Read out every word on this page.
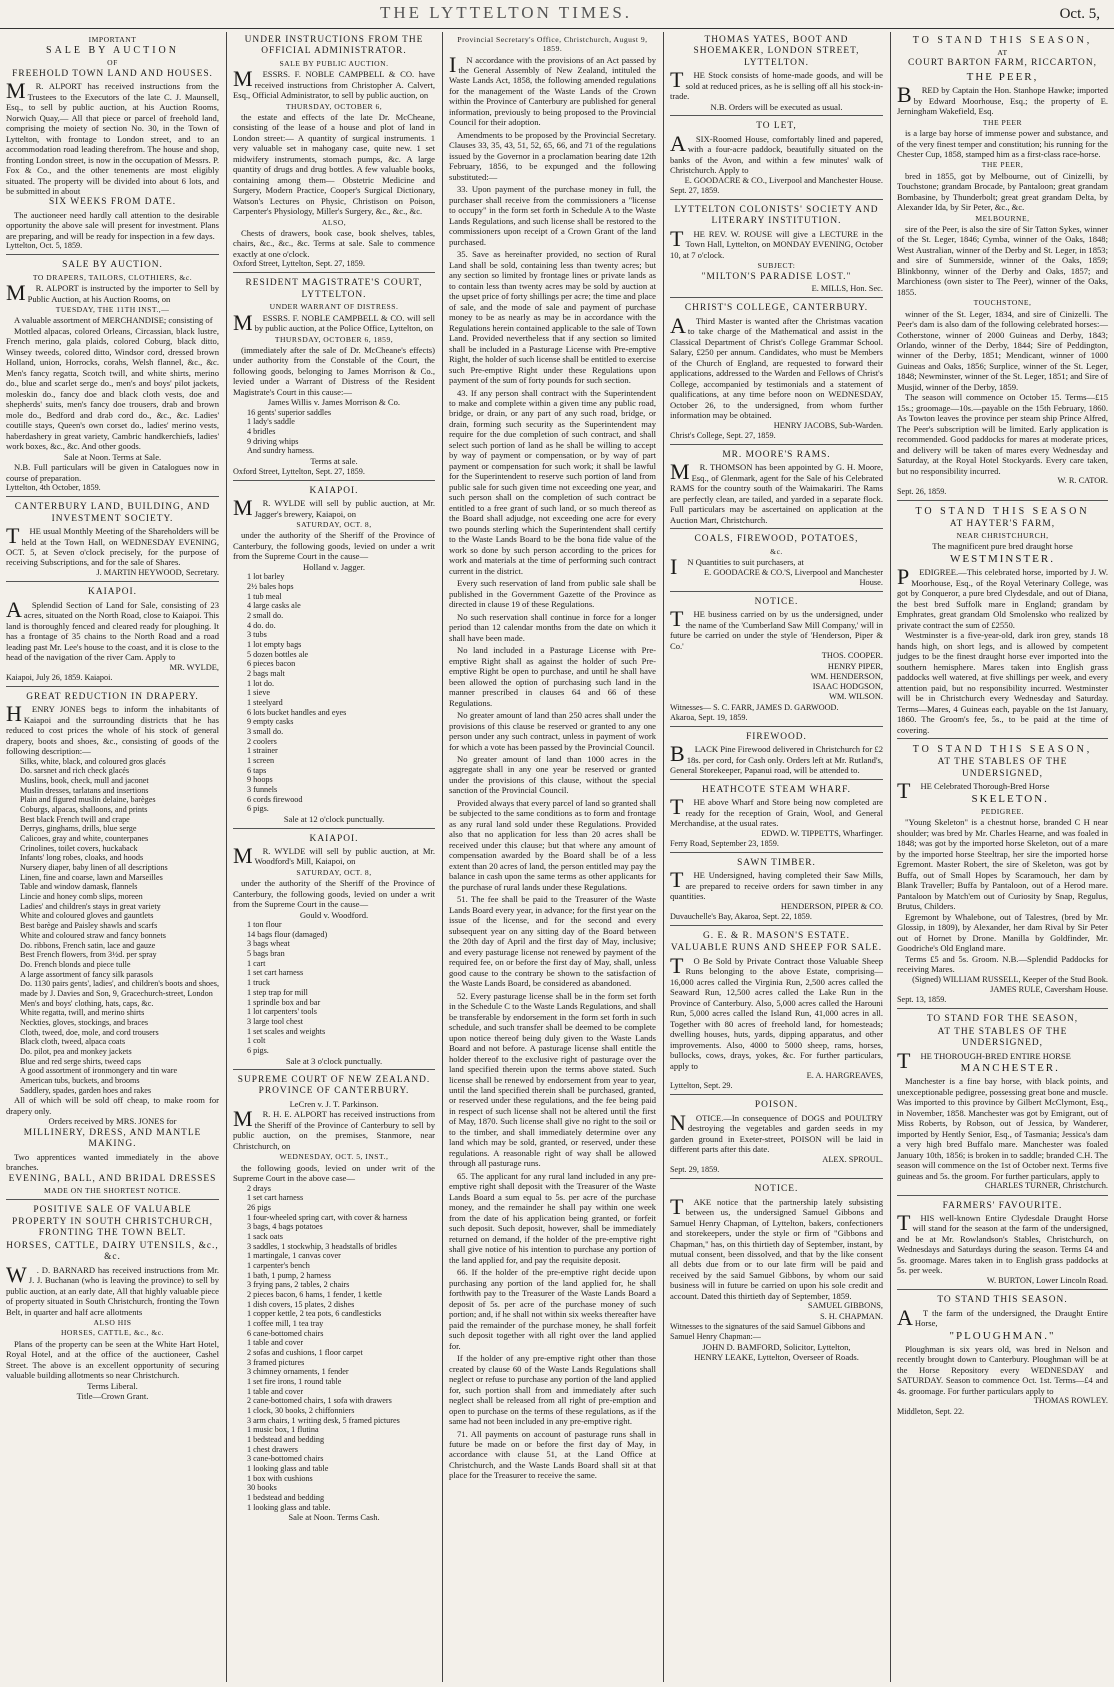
THE LYTTELTON TIMES.	Oct. 5,
IMPORTANT
SALE BY AUCTION
OF
FREEHOLD TOWN LAND AND HOUSES.

M R. ALPORT has received instructions from the Trustees to the Executors of the late C. J. Maunsell, Esq., to sell by public auction, at his Auction Rooms, Norwich Quay,— All that piece or parcel of freehold land, comprising the moiety of section No. 30, in the Town of Lyttelton, with frontage to London street, and to an accommodation road leading therefrom. The house and shop, fronting London street, is now in the occupation of Messrs. P. Fox & Co., and the other tenements are most eligibly situated. The property will be divided into about 6 lots, and be submitted in about

SIX WEEKS FROM DATE.

The auctioneer need hardly call attention to the desirable opportunity the above sale will present for investment. Plans are preparing, and will be ready for inspection in a few days.

Lyttelton, Oct. 5, 1859.
SALE BY AUCTION.
TO DRAPERS, TAILORS, CLOTHIERS, &c.

M R. ALPORT is instructed by the importer to Sell by Public Auction, at his Auction Rooms, on

TUESDAY, THE 11TH INST.,—

A valuable assortment of MERCHANDISE; consisting of

Mottled alpacas, colored Orleans, Circassian, black lustre, French merino, gala plaids, colored Coburg, black ditto, Winsey tweeds, colored ditto, Windsor cord, dressed brown Holland, union, Horrocks, corahs, Welsh flannel, &c., &c. Men's fancy regatta, Scotch twill, and white shirts, merino do., blue and scarlet serge do., men's and boys' pilot jackets, moleskin do., fancy doe and black cloth vests, doe and shepherds' suits, men's fancy doe trousers, drab and brown mole do., Bedford and drab cord do., &c., &c. Ladies' coutille stays, Queen's own corset do., ladies' merino vests, haberdashery in great variety, Cambric handkerchiefs, ladies' work boxes, &c., &c. And other goods.

Sale at Noon. Terms at Sale.

N.B. Full particulars will be given in Catalogues now in course of preparation.

Lyttelton, 4th October, 1859.
CANTERBURY LAND, BUILDING, AND INVESTMENT SOCIETY.

T HE usual Monthly Meeting of the Shareholders will be held at the Town Hall, on WEDNESDAY EVENING, OCT. 5, at Seven o'clock precisely, for the purpose of receiving Subscriptions, and for the sale of Shares.

J. MARTIN HEYWOOD, Secretary.
KAIAPOI.

A Splendid Section of Land for Sale, consisting of 23 acres, situated on the North Road, close to Kaiapoi. This land is thoroughly fenced and cleared ready for ploughing. It has a frontage of 35 chains to the North Road and a road leading past Mr. Lee's house to the coast, and it is close to the head of the navigation of the river Cam. Apply to

MR. WYLDE,
Kaiapoi, July 26, 1859. Kaiapoi.
GREAT REDUCTION IN DRAPERY.

H ENRY JONES begs to inform the inhabitants of Kaiapoi and the surrounding districts that he has reduced to cost prices the whole of his stock of general drapery, boots and shoes, &c., consisting of goods of the following description:—

Silks, white, black, and coloured gros glacés
Do. sarsnet and rich check glacés
Muslins, book, check, mull and jaconet
Muslin dresses, tarlatans and insertions
Plain and figured muslin delaine, barèges
Coburgs, alpacas, shalloons, and prints
Best black French twill and crape
Derrys, ginghams, drills, blue serge
Calicoes, gray and white, counterpanes
Crinolines, toilet covers, huckaback
Infants' long robes, cloaks, and hoods
Nursery diaper, baby linen of all descriptions
Linen, fine and coarse, lawn and Marseilles
Table and window damask, flannels
Lincie and honey comb slips, moreen
Ladies' and children's stays in great variety
White and coloured gloves and gauntlets
Best barège and Paisley shawls and scarfs
White and coloured straw and fancy bonnets
Do. ribbons, French satin, lace and gauze
Best French flowers, from 3½d. per spray
Do. French blonds and piece tulle
A large assortment of fancy silk parasols
Do. 1130 pairs gents', ladies', and children's boots and shoes, made by J. Davies and Son, 9, Gracechurch-street, London
Men's and boys' clothing, hats, caps, &c.
White regatta, twill, and merino shirts
Neckties, gloves, stockings, and braces
Cloth, tweed, doe, mole, and cord trousers
Black cloth, tweed, alpaca coats
Do. pilot, pea and monkey jackets
Blue and red serge shirts, tweed caps
A good assortment of ironmongery and tin ware
American tubs, buckets, and brooms
Saddlery, spades, garden hoes and rakes

All of which will be sold off cheap, to make room for drapery only.

Orders received by MRS. JONES for
MILLINERY, DRESS, AND MANTLE MAKING.

Two apprentices wanted immediately in the above branches.

EVENING, BALL, AND BRIDAL DRESSES
MADE ON THE SHORTEST NOTICE.
POSITIVE SALE OF VALUABLE PROPERTY IN SOUTH CHRISTCHURCH, FRONTING THE TOWN BELT.
HORSES, CATTLE, DAIRY UTENSILS, &c., &c.

W . D. BARNARD has received instructions from Mr. J. J. Buchanan (who is leaving the province) to sell by public auction, at an early date, All that highly valuable piece of property situated in South Christchurch, fronting the Town Belt, in quarter and half acre allotments

ALSO HIS
HORSES, CATTLE, &c., &c.

Plans of the property can be seen at the White Hart Hotel, Royal Hotel, and at the office of the auctioneer, Cashel Street. The above is an excellent opportunity of securing valuable building allotments so near Christchurch.

Terms Liberal.
Title—Crown Grant.
UNDER INSTRUCTIONS FROM THE OFFICIAL ADMINISTRATOR.
SALE BY PUBLIC AUCTION.

M ESSRS. F. NOBLE CAMPBELL & CO. have received instructions from Christopher A. Calvert, Esq., Official Administrator, to sell by public auction, on

THURSDAY, OCTOBER 6,

the estate and effects of the late Dr. McCheane, consisting of the lease of a house and plot of land in London street:— A quantity of surgical instruments. 1 very valuable set in mahogany case, quite new. 1 set midwifery instruments, stomach pumps, &c. A large quantity of drugs and drug bottles. A few valuable books, containing among them— Obstetric Medicine and Surgery, Modern Practice, Cooper's Surgical Dictionary, Watson's Lectures on Physic, Christison on Poison, Carpenter's Physiology, Miller's Surgery, &c., &c., &c.

ALSO,

Chests of drawers, book case, book shelves, tables, chairs, &c., &c., &c. Terms at sale. Sale to commence exactly at one o'clock.

Oxford Street, Lyttelton, Sept. 27, 1859.
RESIDENT MAGISTRATE'S COURT, LYTTELTON.
UNDER WARRANT OF DISTRESS.

M ESSRS. F. NOBLE CAMPBELL & CO. will sell by public auction, at the Police Office, Lyttelton, on

THURSDAY, OCTOBER 6, 1859,

(immediately after the sale of Dr. McCheane's effects) under authority from the Constable of the Court, the following goods, belonging to James Morrison & Co., levied under a Warrant of Distress of the Resident Magistrate's Court in this cause:—

James Willis v. James Morrison & Co.
16 gents' superior saddles
1 lady's saddle
4 bridles
9 driving whips
And sundry harness.
Terms at sale.
Oxford Street, Lyttelton, Sept. 27, 1859.
KAIAPOI.

M R. WYLDE will sell by public auction, at Mr. Jagger's brewery, Kaiapoi, on

SATURDAY, OCT. 8,

under the authority of the Sheriff of the Province of Canterbury, the following goods, levied on under a writ from the Supreme Court in the cause—

Holland v. Jagger.
1 lot barley
2½ bales hops
1 tub meal
4 large casks ale
2 small do.
4 do. do.
3 tubs
1 lot empty bags
5 dozen bottles ale
6 pieces bacon
2 bags malt
1 lot do.
1 sieve
1 steelyard
6 lots bucket handles and eyes
9 empty casks
3 small do.
2 coolers
1 strainer
1 screen
6 taps
9 hoops
3 funnels
6 cords firewood
6 pigs.
Sale at 12 o'clock punctually.
KAIAPOI.

M R. WYLDE will sell by public auction, at Mr. Woodford's Mill, Kaiapoi, on

SATURDAY, OCT. 8,

under the authority of the Sheriff of the Province of Canterbury, the following goods, levied on under a writ from the Supreme Court in the cause—

Gould v. Woodford.
1 ton flour
14 bags flour (damaged)
3 bags wheat
5 bags bran
1 cart
1 set cart harness
1 truck
1 step trap for mill
1 sprindle box and bar
1 lot carpenters' tools
3 large tool chest
1 set scales and weights
1 colt
6 pigs.
Sale at 3 o'clock punctually.
SUPREME COURT OF NEW ZEALAND. PROVINCE OF CANTERBURY.
LeCren v. J. T. Parkinson.

M R. H. E. ALPORT has received instructions from the Sheriff of the Province of Canterbury to sell by public auction, on the premises, Stanmore, near Christchurch, on

WEDNESDAY, OCT. 5, INST.,

the following goods, levied on under writ of the Supreme Court in the above case—

2 drays
1 set cart harness
26 pigs
1 four-wheeled spring cart, with cover & harness
3 bags, 4 bags potatoes
1 sack oats
3 saddles, 1 stockwhip, 3 headstalls of bridles
1 martingale, 1 canvas cover
1 carpenter's bench
1 bath, 1 pump, 2 harness
3 frying pans, 2 tables, 2 chairs
2 pieces bacon, 6 hams, 1 fender, 1 kettle
1 dish covers, 15 plates, 2 dishes
1 copper kettle, 2 tea pots, 6 candlesticks
1 coffee mill, 1 tea tray
6 cane-bottomed chairs
1 table and cover
2 sofas and cushions, 1 floor carpet
3 framed pictures
3 chimney ornaments, 1 fender
1 set fire irons, 1 round table
1 table and cover
2 cane-bottomed chairs, 1 sofa with drawers
1 clock, 30 books, 2 chiffonniers
3 arm chairs, 1 writing desk, 5 framed pictures
1 music box, 1 flutina
1 bedstead and bedding
1 chest drawers
3 cane-bottomed chairs
1 looking glass and table
1 box with cushions
30 books
1 bedstead and bedding
1 looking glass and table.
Sale at Noon. Terms Cash.
Provincial Secretary's Office, Christchurch, August 9, 1859.

I N accordance with the provisions of an Act passed by the General Assembly of New Zealand, intituled the Waste Lands Act, 1858, the following amended regulations for the management of the Waste Lands of the Crown within the Province of Canterbury are published for general information, previously to being proposed to the Provincial Council for their adoption.

Amendments to be proposed by the Provincial Secretary. Clauses 33, 35, 43, 51, 52, 65, 66, and 71 of the regulations issued by the Governor in a proclamation bearing date 12th February, 1856, to be expunged and the following substituted:—

33. Upon payment of the purchase money in full, the purchaser shall receive from the commissioners a "license to occupy" in the form set forth in Schedule A to the Waste Lands Regulations, and such license shall be restored to the commissioners upon receipt of a Crown Grant of the land purchased.

35. Save as hereinafter provided, no section of Rural Land shall be sold, containing less than twenty acres; but any section so limited by frontage lines or private lands as to contain less than twenty acres may be sold by auction at the upset price of forty shillings per acre; the time and place of sale, and the mode of sale and payment of purchase money to be as nearly as may be in accordance with the Regulations herein contained applicable to the sale of Town Land. Provided nevertheless that if any section so limited shall be included in a Pasturage License with Pre-emptive Right, the holder of such license shall be entitled to exercise such Pre-emptive Right under these Regulations upon payment of the sum of forty pounds for such section.

43. If any person shall contract with the Superintendent to make and complete within a given time any public road, bridge, or drain, or any part of any such road, bridge, or drain, forming such security as the Superintendent may require for the due completion of such contract, and shall select such portion of land as he shall be willing to accept by way of payment or compensation, or by way of part payment or compensation for such work; it shall be lawful for the Superintendent to reserve such portion of land from public sale for such given time not exceeding one year, and such person shall on the completion of such contract be entitled to a free grant of such land, or so much thereof as the Board shall adjudge, not exceeding one acre for every two pounds sterling which the Superintendent shall certify to the Waste Lands Board to be the bona fide value of the work so done by such person according to the prices for work and materials at the time of performing such contract current in the district.

Every such reservation of land from public sale shall be published in the Government Gazette of the Province as directed in clause 19 of these Regulations.

No such reservation shall continue in force for a longer period than 12 calendar months from the date on which it shall have been made.

No land included in a Pasturage License with Pre-emptive Right shall as against the holder of such Pre-emptive Right be open to purchase, and until he shall have been allowed the option of purchasing such land in the manner prescribed in clauses 64 and 66 of these Regulations.

No greater amount of land than 250 acres shall under the provisions of this clause be reserved or granted to any one person under any such contract, unless in payment of work for which a vote has been passed by the Provincial Council.

No greater amount of land than 1000 acres in the aggregate shall in any one year be reserved or granted under the provisions of this clause, without the special sanction of the Provincial Council.

Provided always that every parcel of land so granted shall be subjected to the same conditions as to form and frontage as any rural land sold under these Regulations. Provided also that no application for less than 20 acres shall be received under this clause; but that where any amount of compensation awarded by the Board shall be of a less extent than 20 acres of land, the person entitled may pay the balance in cash upon the same terms as other applicants for the purchase of rural lands under these Regulations.

51. The fee shall be paid to the Treasurer of the Waste Lands Board every year, in advance; for the first year on the issue of the license, and for the second and every subsequent year on any sitting day of the Board between the 20th day of April and the first day of May, inclusive; and every pasturage license not renewed by payment of the required fee, on or before the first day of May, shall, unless good cause to the contrary be shown to the satisfaction of the Waste Lands Board, be considered as abandoned.

52. Every pasturage license shall be in the form set forth in the Schedule C to the Waste Lands Regulations, and shall be transferable by endorsement in the form set forth in such schedule, and such transfer shall be deemed to be complete upon notice thereof being duly given to the Waste Lands Board and not before. A pasturage license shall entitle the holder thereof to the exclusive right of pasturage over the land specified therein upon the terms above stated. Such license shall be renewed by endorsement from year to year, until the land specified therein shall be purchased, granted, or reserved under these regulations, and the fee being paid in respect of such license shall not be altered until the first of May, 1870. Such license shall give no right to the soil or to the timber, and shall immediately determine over any land which may be sold, granted, or reserved, under these regulations. A reasonable right of way shall be allowed through all pasturage runs.

65. The applicant for any rural land included in any pre-emptive right shall deposit with the Treasurer of the Waste Lands Board a sum equal to 5s. per acre of the purchase money, and the remainder he shall pay within one week from the date of his application being granted, or forfeit such deposit. Such deposit, however, shall be immediately returned on demand, if the holder of the pre-emptive right shall give notice of his intention to purchase any portion of the land applied for, and pay the requisite deposit.

66. If the holder of the pre-emptive right decide upon purchasing any portion of the land applied for, he shall forthwith pay to the Treasurer of the Waste Lands Board a deposit of 5s. per acre of the purchase money of such portion; and, if he shall not within six weeks thereafter have paid the remainder of the purchase money, he shall forfeit such deposit together with all right over the land applied for.

If the holder of any pre-emptive right other than those created by clause 60 of the Waste Lands Regulations shall neglect or refuse to purchase any portion of the land applied for, such portion shall from and immediately after such neglect shall be released from all right of pre-emption and open to purchase on the terms of these regulations, as if the same had not been included in any pre-emptive right.

71. All payments on account of pasturage runs shall in future be made on or before the first day of May, in accordance with clause 51, at the Land Office at Christchurch, and the Waste Lands Board shall sit at that place for the Treasurer to receive the same.

THOMAS YATES, BOOT AND SHOEMAKER, LONDON STREET, LYTTELTON.

T HE Stock consists of home-made goods, and will be sold at reduced prices, as he is selling off all his stock-in-trade.

N.B. Orders will be executed as usual.
TO LET,

A SIX-Roomed House, comfortably lined and papered, with a four-acre paddock, beautifully situated on the banks of the Avon, and within a few minutes' walk of Christchurch. Apply to

E. GOODACRE & CO., Liverpool and Manchester House.
Sept. 27, 1859.
LYTTELTON COLONISTS' SOCIETY AND LITERARY INSTITUTION.

T HE REV. W. ROUSE will give a LECTURE in the Town Hall, Lyttelton, on MONDAY EVENING, October 10, at 7 o'clock.

SUBJECT:
"MILTON'S PARADISE LOST."
E. MILLS, Hon. Sec.
CHRIST'S COLLEGE, CANTERBURY.

A Third Master is wanted after the Christmas vacation to take charge of the Mathematical and assist in the Classical Department of Christ's College Grammar School. Salary, £250 per annum. Candidates, who must be Members of the Church of England, are requested to forward their applications, addressed to the Warden and Fellows of Christ's College, accompanied by testimonials and a statement of qualifications, at any time before noon on WEDNESDAY, October 26, to the undersigned, from whom further information may be obtained.

HENRY JACOBS, Sub-Warden.
Christ's College, Sept. 27, 1859.
MR. MOORE'S RAMS.

M R. THOMSON has been appointed by G. H. Moore, Esq., of Glenmark, agent for the Sale of his Celebrated RAMS for the country south of the Waimakariri. The Rams are perfectly clean, are tailed, and yarded in a separate flock. Full particulars may be ascertained on application at the Auction Mart, Christchurch.

COALS, FIREWOOD, POTATOES,
&c.

I N Quantities to suit purchasers, at

E. GOODACRE & CO.'S, Liverpool and Manchester House.
NOTICE.

T HE business carried on by us the undersigned, under the name of the 'Cumberland Saw Mill Company,' will in future be carried on under the style of 'Henderson, Piper & Co.'

THOS. COOPER.
HENRY PIPER,
WM. HENDERSON,
ISAAC HODGSON,
WM. WILSON.
Witnesses— S. C. FARR, JAMES D. GARWOOD.
Akaroa, Sept. 19, 1859.
FIREWOOD.

B LACK Pine Firewood delivered in Christchurch for £2 18s. per cord, for Cash only. Orders left at Mr. Rutland's, General Storekeeper, Papanui road, will be attended to.

HEATHCOTE STEAM WHARF.

T HE above Wharf and Store being now completed are ready for the reception of Grain, Wool, and General Merchandise, at the usual rates.

EDWD. W. TIPPETTS, Wharfinger.
Ferry Road, September 23, 1859.
SAWN TIMBER.

T HE Undersigned, having completed their Saw Mills, are prepared to receive orders for sawn timber in any quantities.

HENDERSON, PIPER & CO.
Duvauchelle's Bay, Akaroa, Sept. 22, 1859.
G. E. & R. MASON'S ESTATE.
VALUABLE RUNS AND SHEEP FOR SALE.

T O Be Sold by Private Contract those Valuable Sheep Runs belonging to the above Estate, comprising— 16,000 acres called the Virginia Run, 2,500 acres called the Seaward Run, 12,500 acres called the Lake Run in the Province of Canterbury. Also, 5,000 acres called the Harouni Run, 5,000 acres called the Island Run, 41,000 acres in all. Together with 80 acres of freehold land, for homesteads; dwelling houses, huts, yards, dipping apparatus, and other improvements. Also, 4000 to 5000 sheep, rams, horses, bullocks, cows, drays, yokes, &c. For further particulars, apply to

E. A. HARGREAVES,
Lyttelton, Sept. 29.
POISON.

N OTICE.—In consequence of DOGS and POULTRY destroying the vegetables and garden seeds in my garden ground in Exeter-street, POISON will be laid in different parts after this date.

ALEX. SPROUL.
Sept. 29, 1859.
NOTICE.

T AKE notice that the partnership lately subsisting between us, the undersigned Samuel Gibbons and Samuel Henry Chapman, of Lyttelton, bakers, confectioners and storekeepers, under the style or firm of "Gibbons and Chapman," has, on this thirtieth day of September, instant, by mutual consent, been dissolved, and that by the like consent all debts due from or to our late firm will be paid and received by the said Samuel Gibbons, by whom our said business will in future be carried on upon his sole credit and account. Dated this thirtieth day of September, 1859.

SAMUEL GIBBONS,
S. H. CHAPMAN.
Witnesses to the signatures of the said Samuel Gibbons and Samuel Henry Chapman:—
JOHN D. BAMFORD, Solicitor, Lyttelton,
HENRY LEAKE, Lyttelton, Overseer of Roads.
TO STAND THIS SEASON,
AT
COURT BARTON FARM, RICCARTON,
THE PEER,

B RED by Captain the Hon. Stanhope Hawke; imported by Edward Moorhouse, Esq.; the property of E. Jerningham Wakefield, Esq.

THE PEER

is a large bay horse of immense power and substance, and of the very finest temper and constitution; his running for the Chester Cup, 1858, stamped him as a first-class race-horse.

THE PEER,

bred in 1855, got by Melbourne, out of Cinizelli, by Touchstone; grandam Brocade, by Pantaloon; great grandam Bombasine, by Thunderbolt; great great grandam Delta, by Alexander Ida, by Sir Peter, &c., &c.

MELBOURNE,

sire of the Peer, is also the sire of Sir Tatton Sykes, winner of the St. Leger, 1846; Cymba, winner of the Oaks, 1848; West Australian, winner of the Derby and St. Leger, in 1853; and sire of Summerside, winner of the Oaks, 1859; Blinkbonny, winner of the Derby and Oaks, 1857; and Marchioness (own sister to The Peer), winner of the Oaks, 1855.

TOUCHSTONE,

winner of the St. Leger, 1834, and sire of Cinizelli. The Peer's dam is also dam of the following celebrated horses:—Cotherstone, winner of 2000 Guineas and Derby, 1843; Orlando, winner of the Derby, 1844; Sire of Peddington, winner of the Derby, 1851; Mendicant, winner of 1000 Guineas and Oaks, 1856; Surplice, winner of the St. Leger, 1848; Newminster, winner of the St. Leger, 1851; and Sire of Musjid, winner of the Derby, 1859.

The season will commence on October 15. Terms—£15 15s.; groomage—10s.—payable on the 15th February, 1860. As Towton leaves the province per steam ship Prince Alfred, The Peer's subscription will be limited. Early application is recommended. Good paddocks for mares at moderate prices, and delivery will be taken of mares every Wednesday and Saturday, at the Royal Hotel Stockyards. Every care taken, but no responsibility incurred.

W. R. CATOR.
Sept. 26, 1859.
TO STAND THIS SEASON
AT HAYTER'S FARM,
NEAR CHRISTCHURCH,
The magnificent pure bred draught horse
WESTMINSTER.

P EDIGREE.—This celebrated horse, imported by J. W. Moorhouse, Esq., of the Royal Veterinary College, was got by Conqueror, a pure bred Clydesdale, and out of Diana, the best bred Suffolk mare in England; grandam by Emphrates, great grandam Old Smolensko who realized by private contract the sum of £2550.

Westminster is a five-year-old, dark iron grey, stands 18 hands high, on short legs, and is allowed by competent judges to be the finest draught horse ever imported into the southern hemisphere. Mares taken into English grass paddocks well watered, at five shillings per week, and every attention paid, but no responsibility incurred. Westminster will be in Christchurch every Wednesday and Saturday. Terms—Mares, 4 Guineas each, payable on the 1st January, 1860. The Groom's fee, 5s., to be paid at the time of covering.

TO STAND THIS SEASON,
AT THE STABLES OF THE UNDERSIGNED,

T HE Celebrated Thorough-Bred Horse

SKELETON.
PEDIGREE.

"Young Skeleton" is a chestnut horse, branded C H near shoulder; was bred by Mr. Charles Hearne, and was foaled in 1848; was got by the imported horse Skeleton, out of a mare by the imported horse Steeltrap, her sire the imported horse Egremont. Master Robert, the sire of Skeleton, was got by Buffa, out of Small Hopes by Scaramouch, her dam by Blank Traveller; Buffa by Pantaloon, out of a Herod mare. Pantaloon by Match'em out of Curiosity by Snap, Regulus, Brutus, Childers.

Egremont by Whalebone, out of Talestres, (bred by Mr. Glossip, in 1809), by Alexander, her dam Rival by Sir Peter out of Hornet by Drone. Manilla by Goldfinder, Mr. Goodriche's Old England mare.

Terms £5 and 5s. Groom. N.B.—Splendid Paddocks for receiving Mares.

(Signed) WILLIAM RUSSELL, Keeper of the Stud Book.
JAMES RULE, Caversham House.
Sept. 13, 1859.
TO STAND FOR THE SEASON,
AT THE STABLES OF THE UNDERSIGNED,

T HE THOROUGH-BRED ENTIRE HORSE

MANCHESTER.

Manchester is a fine bay horse, with black points, and unexceptionable pedigree, possessing great bone and muscle. Was imported to this province by Gilbert McClymont, Esq., in November, 1858. Manchester was got by Emigrant, out of Miss Roberts, by Robson, out of Jessica, by Wanderer, imported by Hently Senior, Esq., of Tasmania; Jessica's dam a very high bred Buffalo mare. Manchester was foaled January 10th, 1856; is broken in to saddle; branded C.H. The season will commence on the 1st of October next. Terms five guineas and 5s. the groom. For further particulars, apply to

CHARLES TURNER, Christchurch.
FARMERS' FAVOURITE.

T HIS well-known Entire Clydesdale Draught Horse will stand for the season at the farm of the undersigned, and be at Mr. Rowlandson's Stables, Christchurch, on Wednesdays and Saturdays during the season. Terms £4 and 5s. groomage. Mares taken in to English grass paddocks at 5s. per week.

W. BURTON, Lower Lincoln Road.
TO STAND THIS SEASON.

A T the farm of the undersigned, the Draught Entire Horse,

"PLOUGHMAN."

Ploughman is six years old, was bred in Nelson and recently brought down to Canterbury. Ploughman will be at the Horse Repository every WEDNESDAY and SATURDAY. Season to commence Oct. 1st. Terms—£4 and 4s. groomage. For further particulars apply to

THOMAS ROWLEY.
Middleton, Sept. 22.
